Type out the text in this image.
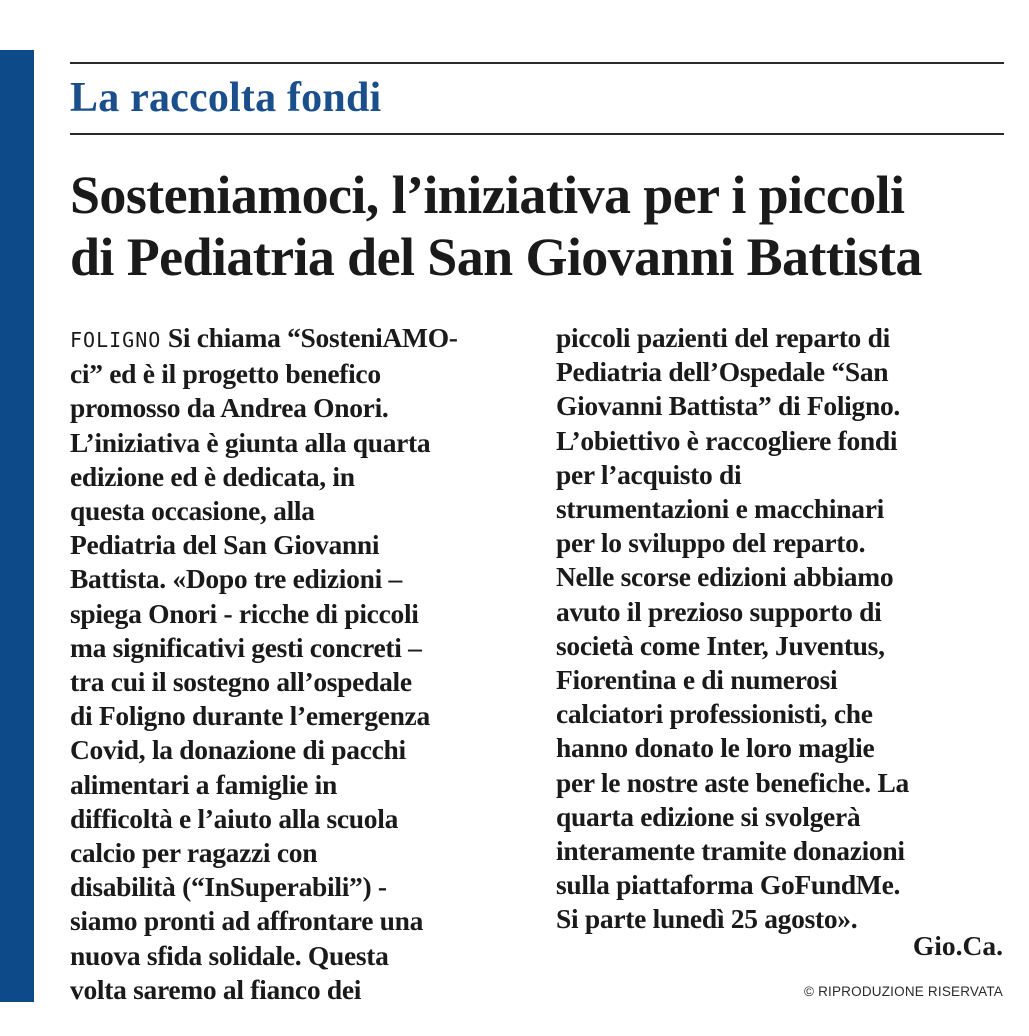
La raccolta fondi
Sosteniamoci, l’iniziativa per i piccoli
di Pediatria del San Giovanni Battista
FOLIGNO Si chiama “SosteniAMO-
ci” ed è il progetto benefico
promosso da Andrea Onori.
L’iniziativa è giunta alla quarta
edizione ed è dedicata, in
questa occasione, alla
Pediatria del San Giovanni
Battista. «Dopo tre edizioni –
spiega Onori - ricche di piccoli
ma significativi gesti concreti –
tra cui il sostegno all’ospedale
di Foligno durante l’emergenza
Covid, la donazione di pacchi
alimentari a famiglie in
difficoltà e l’aiuto alla scuola
calcio per ragazzi con
disabilità (“InSuperabili”) -
siamo pronti ad affrontare una
nuova sfida solidale. Questa
volta saremo al fianco dei
piccoli pazienti del reparto di
Pediatria dell’Ospedale “San
Giovanni Battista” di Foligno.
L’obiettivo è raccogliere fondi
per l’acquisto di
strumentazioni e macchinari
per lo sviluppo del reparto.
Nelle scorse edizioni abbiamo
avuto il prezioso supporto di
società come Inter, Juventus,
Fiorentina e di numerosi
calciatori professionisti, che
hanno donato le loro maglie
per le nostre aste benefiche. La
quarta edizione si svolgerà
interamente tramite donazioni
sulla piattaforma GoFundMe.
Si parte lunedì 25 agosto».
Gio.Ca.
© RIPRODUZIONE RISERVATA
